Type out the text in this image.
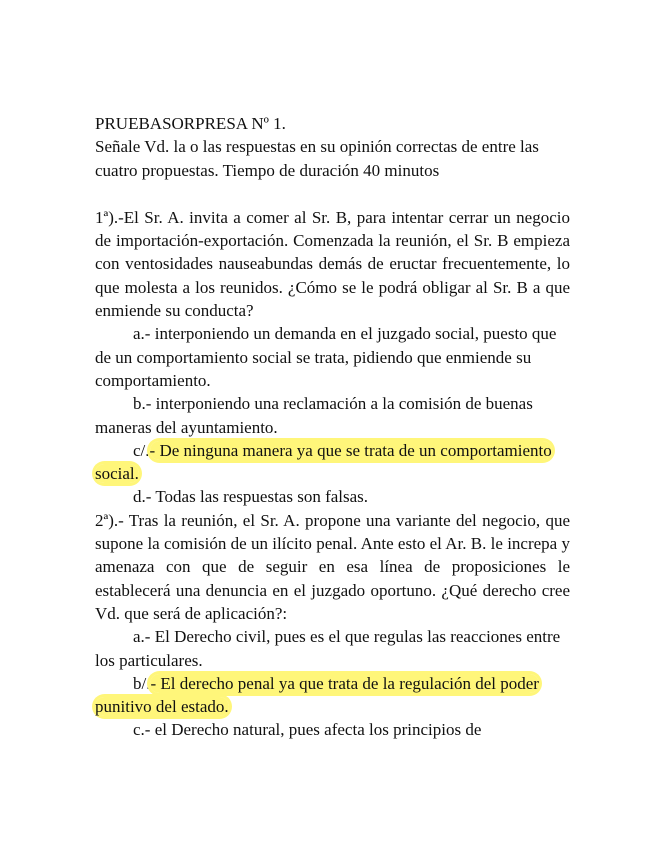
PRUEBASORPRESA Nº 1.

Señale Vd. la o las respuestas en su opinión correctas de entre las cuatro propuestas. Tiempo de duración 40 minutos

1ª).-El Sr. A. invita a comer al Sr. B, para intentar cerrar un negocio de importación-exportación. Comenzada la reunión, el Sr. B empieza con ventosidades nauseabundas demás de eructar frecuentemente, lo que molesta a los reunidos. ¿Cómo se le podrá obligar al Sr. B a que enmiende su conducta?

a.- interponiendo un demanda en el juzgado social, puesto que de un comportamiento social se trata, pidiendo que enmiende su comportamiento.

b.- interponiendo una reclamación a la comisión de buenas maneras del ayuntamiento.

c/.- De ninguna manera ya que se trata de un comportamiento social.

d.- Todas las respuestas son falsas.

2ª).- Tras la reunión, el Sr. A. propone una variante del negocio, que supone la comisión de un ilícito penal. Ante esto el Ar. B. le increpa y amenaza con que de seguir en esa línea de proposiciones le establecerá una denuncia en el juzgado oportuno. ¿Qué derecho cree Vd. que será de aplicación?:

a.- El Derecho civil, pues es el que regulas las reacciones entre los particulares.

b/.- El derecho penal ya que trata de la regulación del poder punitivo del estado.

c.- el Derecho natural, pues afecta los principios de
